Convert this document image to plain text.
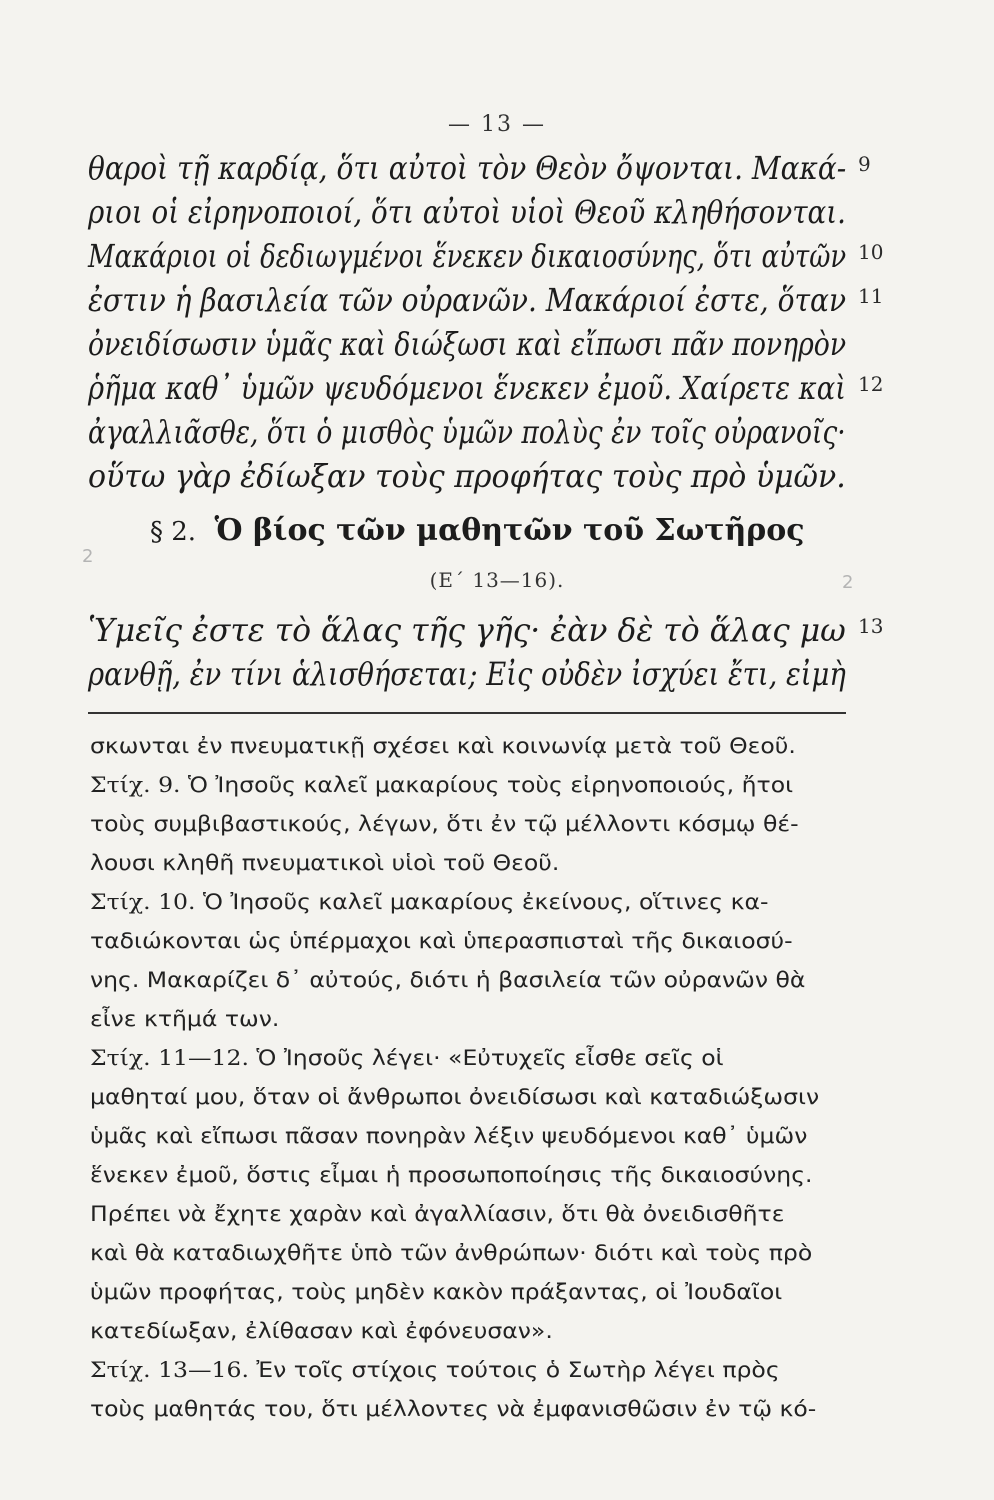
— 13 —
θαροὶ τῇ καρδίᾳ, ὅτι αὐτοὶ τὸν Θεὸν ὄψονται. Μακά- 9
ριοι οἱ εἰρηνοποιοί, ὅτι αὐτοὶ υἱοὶ Θεοῦ κληθήσονται.
Μακάριοι οἱ δεδιωγμένοι ἕνεκεν δικαιοσύνης, ὅτι αὐτῶν 10
ἐστιν ἡ βασιλεία τῶν οὐρανῶν. Μακάριοί ἐστε, ὅταν 11
ὀνειδίσωσιν ὑμᾶς καὶ διώξωσι καὶ εἴπωσι πᾶν πονηρὸν
ῥῆμα καθ᾽ ὑμῶν ψευδόμενοι ἕνεκεν ἐμοῦ. Χαίρετε καὶ 12
ἀγαλλιᾶσθε, ὅτι ὁ μισθὸς ὑμῶν πολὺς ἐν τοῖς οὐρανοῖς·
οὕτω γὰρ ἐδίωξαν τοὺς προφήτας τοὺς πρὸ ὑμῶν.
§ 2. Ὁ βίος τῶν μαθητῶν τοῦ Σωτῆρος
2
(Ε΄ 13—16).	2
Ὑμεῖς ἐστε τὸ ἅλας τῆς γῆς· ἐὰν δὲ τὸ ἅλας μω 13
ρανθῇ, ἐν τίνι ἁλισθήσεται; Εἰς οὐδὲν ἰσχύει ἔτι, εἰμὴ
σκωνται ἐν πνευματικῇ σχέσει καὶ κοινωνίᾳ μετὰ τοῦ Θεοῦ.
Στίχ. 9. Ὁ Ἰησοῦς καλεῖ μακαρίους τοὺς εἰρηνοποιούς, ἤτοι
τοὺς συμβιβαστικούς, λέγων, ὅτι ἐν τῷ μέλλοντι κόσμῳ θέ-
λουσι κληθῆ πνευματικοὶ υἱοὶ τοῦ Θεοῦ.
Στίχ. 10. Ὁ Ἰησοῦς καλεῖ μακαρίους ἐκείνους, οἵτινες κα-
ταδιώκονται ὡς ὑπέρμαχοι καὶ ὑπερασπισταὶ τῆς δικαιοσύ-
νης. Μακαρίζει δ᾽ αὐτούς, διότι ἡ βασιλεία τῶν οὐρανῶν θὰ
εἶνε κτῆμά των.
Στίχ. 11—12. Ὁ Ἰησοῦς λέγει· «Εὐτυχεῖς εἶσθε σεῖς οἱ
μαθηταί μου, ὅταν οἱ ἄνθρωποι ὀνειδίσωσι καὶ καταδιώξωσιν
ὑμᾶς καὶ εἴπωσι πᾶσαν πονηρὰν λέξιν ψευδόμενοι καθ᾽ ὑμῶν
ἕνεκεν ἐμοῦ, ὅστις εἶμαι ἡ προσωποποίησις τῆς δικαιοσύνης.
Πρέπει νὰ ἔχητε χαρὰν καὶ ἀγαλλίασιν, ὅτι θὰ ὀνειδισθῆτε
καὶ θὰ καταδιωχθῆτε ὑπὸ τῶν ἀνθρώπων· διότι καὶ τοὺς πρὸ
ὑμῶν προφήτας, τοὺς μηδὲν κακὸν πράξαντας, οἱ Ἰουδαῖοι
κατεδίωξαν, ἐλίθασαν καὶ ἐφόνευσαν».
Στίχ. 13—16. Ἐν τοῖς στίχοις τούτοις ὁ Σωτὴρ λέγει πρὸς
τοὺς μαθητάς του, ὅτι μέλλοντες νὰ ἐμφανισθῶσιν ἐν τῷ κό-
